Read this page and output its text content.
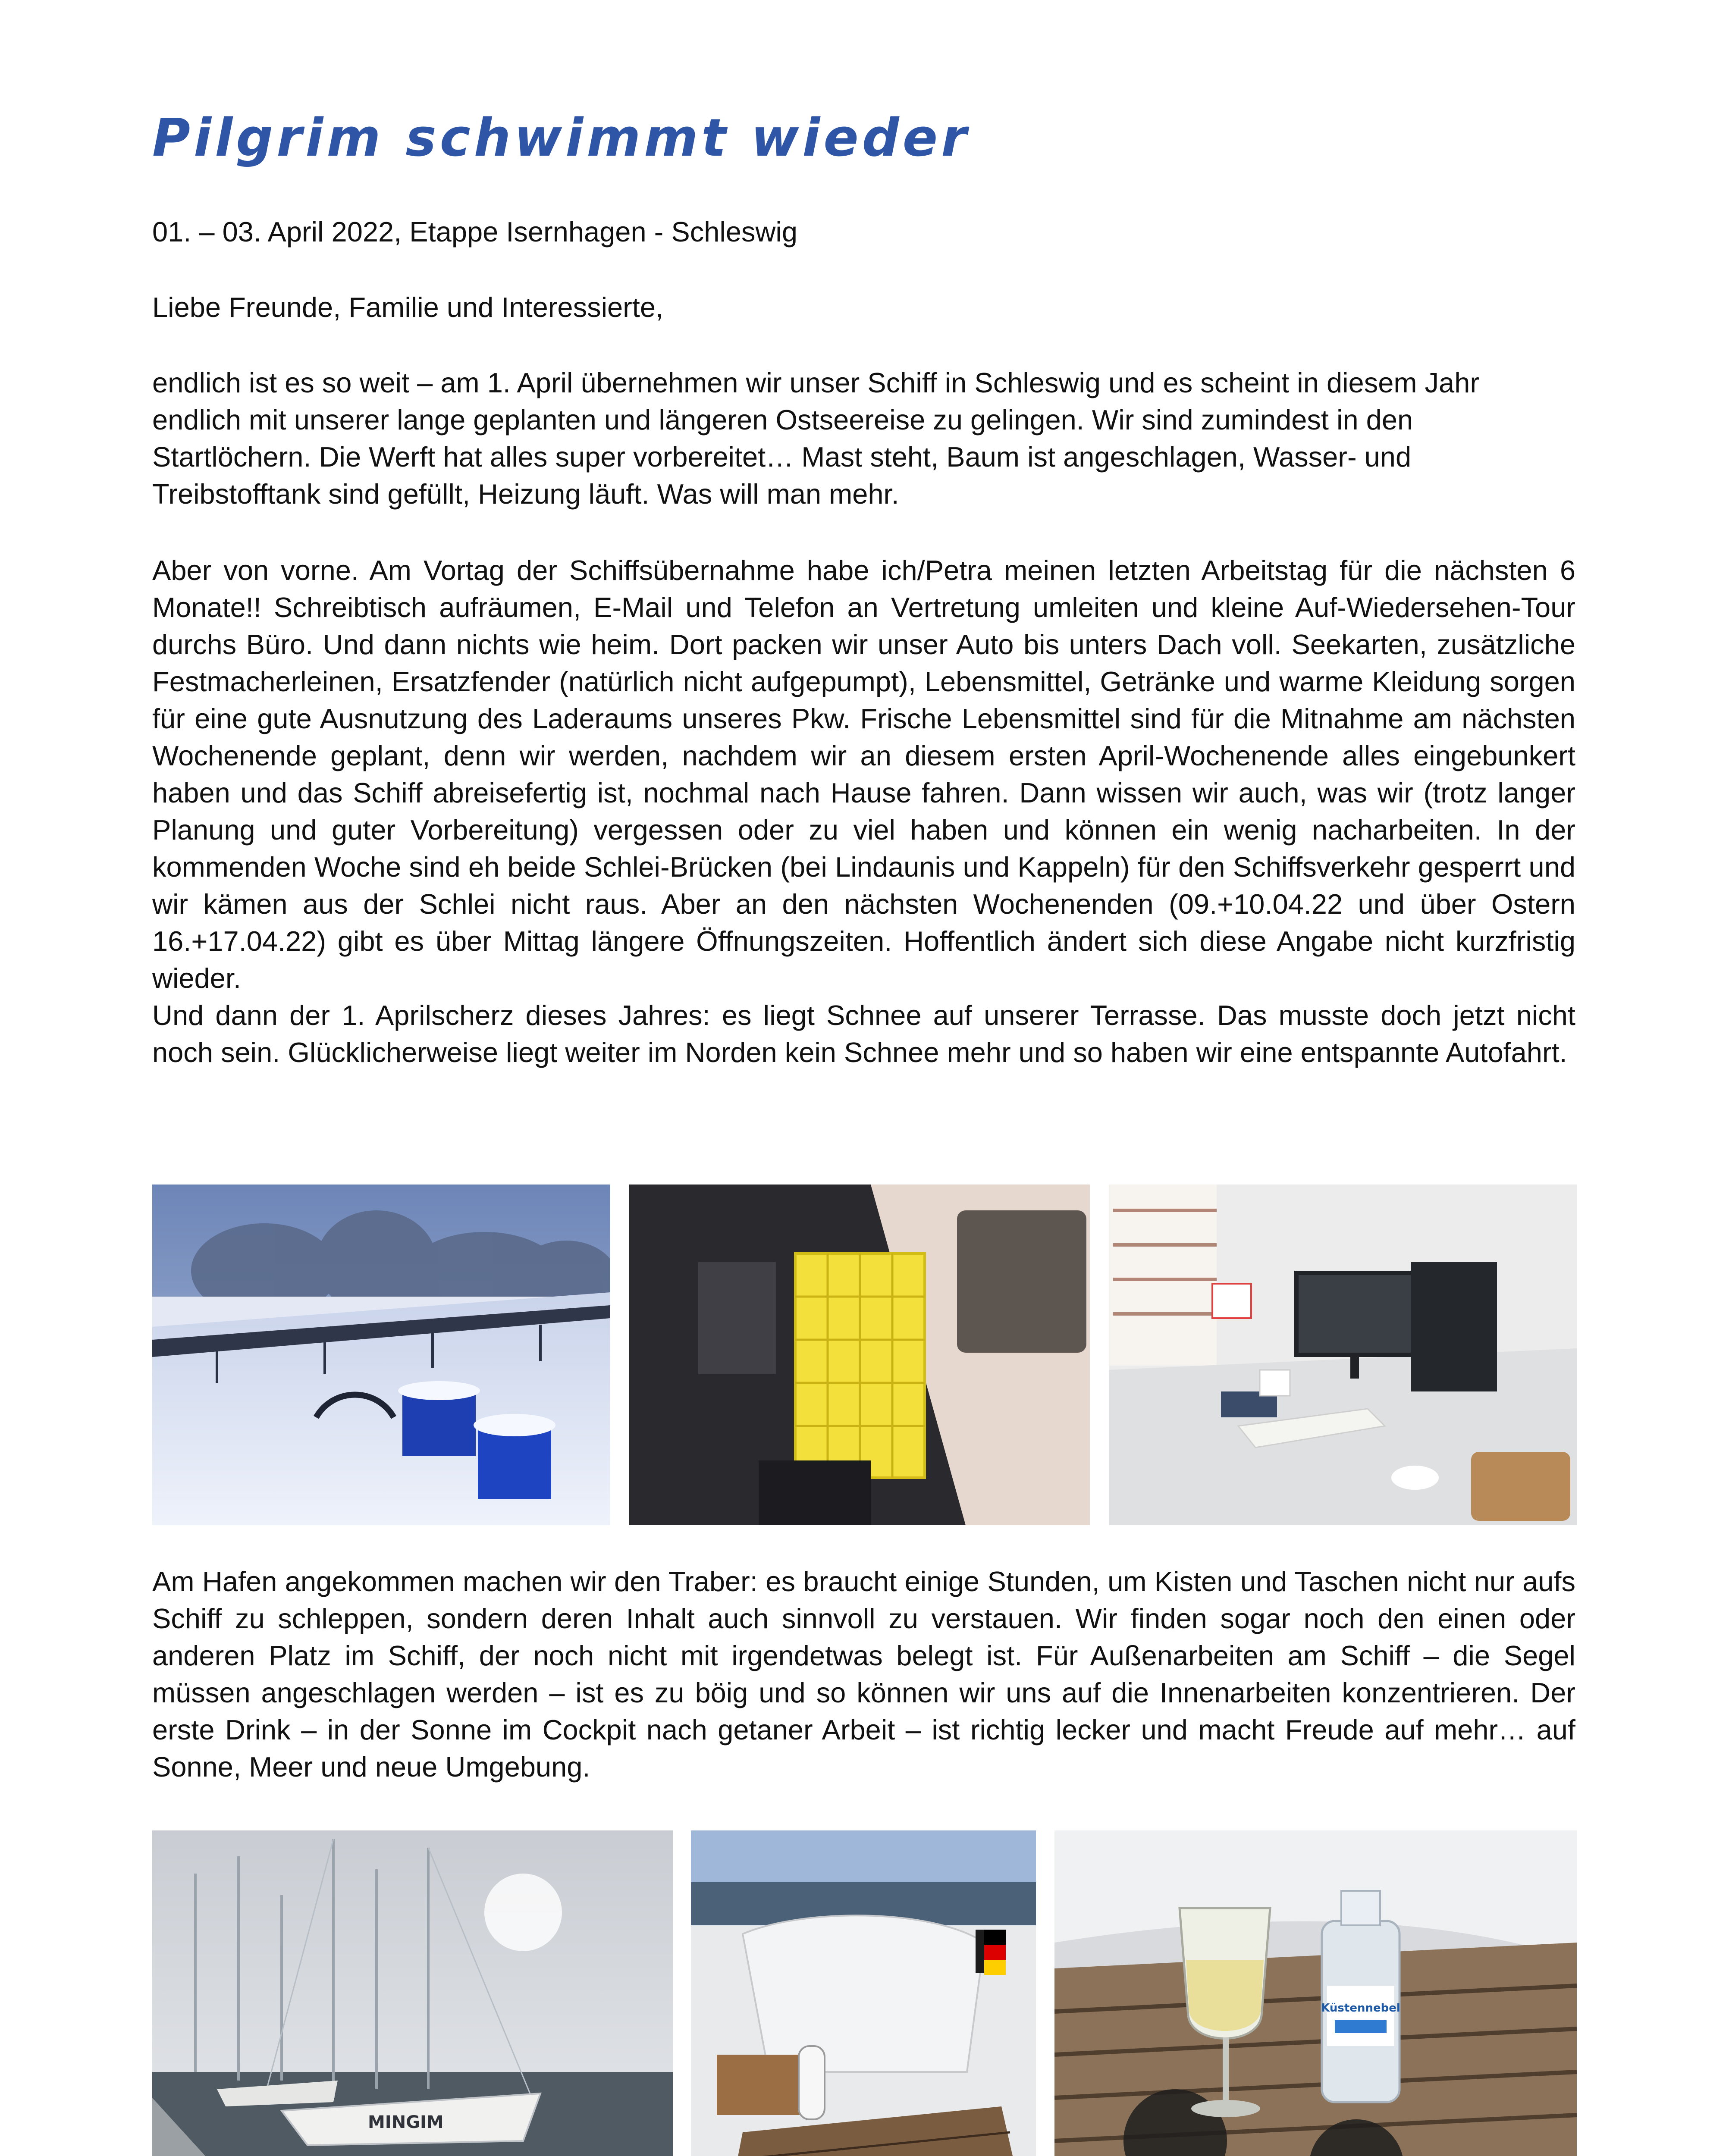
Pilgrim schwimmt wieder

01. – 03. April 2022, Etappe Isernhagen - Schleswig

Liebe Freunde, Familie und Interessierte,

endlich ist es so weit – am 1. April übernehmen wir unser Schiff in Schleswig und es scheint in diesem Jahr endlich mit unserer lange geplanten und längeren Ostseereise zu gelingen. Wir sind zumindest in den Startlöchern. Die Werft hat alles super vorbereitet… Mast steht, Baum ist angeschlagen, Wasser- und Treibstofftank sind gefüllt, Heizung läuft. Was will man mehr.

Aber von vorne. Am Vortag der Schiffsübernahme habe ich/Petra meinen letzten Arbeitstag für die nächsten 6 Monate!! Schreibtisch aufräumen, E-Mail und Telefon an Vertretung umleiten und kleine Auf-Wiedersehen-Tour durchs Büro. Und dann nichts wie heim. Dort packen wir unser Auto bis unters Dach voll. Seekarten, zusätzliche Festmacherleinen, Ersatzfender (natürlich nicht aufgepumpt), Lebensmittel, Getränke und warme Kleidung sorgen für eine gute Ausnutzung des Laderaums unseres Pkw. Frische Lebensmittel sind für die Mitnahme am nächsten Wochenende geplant, denn wir werden, nachdem wir an diesem ersten April-Wochenende alles eingebunkert haben und das Schiff abreisefertig ist, nochmal nach Hause fahren. Dann wissen wir auch, was wir (trotz langer Planung und guter Vorbereitung) vergessen oder zu viel haben und können ein wenig nacharbeiten. In der kommenden Woche sind eh beide Schlei-Brücken (bei Lindaunis und Kappeln) für den Schiffsverkehr gesperrt und wir kämen aus der Schlei nicht raus. Aber an den nächsten Wochenenden (09.+10.04.22 und über Ostern 16.+17.04.22) gibt es über Mittag längere Öffnungszeiten. Hoffentlich ändert sich diese Angabe nicht kurzfristig wieder.
Und dann der 1. Aprilscherz dieses Jahres: es liegt Schnee auf unserer Terrasse. Das musste doch jetzt nicht noch sein. Glücklicherweise liegt weiter im Norden kein Schnee mehr und so haben wir eine entspannte Autofahrt.

Am Hafen angekommen machen wir den Traber: es braucht einige Stunden, um Kisten und Taschen nicht nur aufs Schiff zu schleppen, sondern deren Inhalt auch sinnvoll zu verstauen. Wir finden sogar noch den einen oder anderen Platz im Schiff, der noch nicht mit irgendetwas belegt ist. Für Außenarbeiten am Schiff – die Segel müssen angeschlagen werden – ist es zu böig und so können wir uns auf die Innenarbeiten konzentrieren. Der erste Drink – in der Sonne im Cockpit nach getaner Arbeit – ist richtig lecker und macht Freude auf mehr… auf Sonne, Meer und neue Umgebung.

MINGIM
Küstennebel
